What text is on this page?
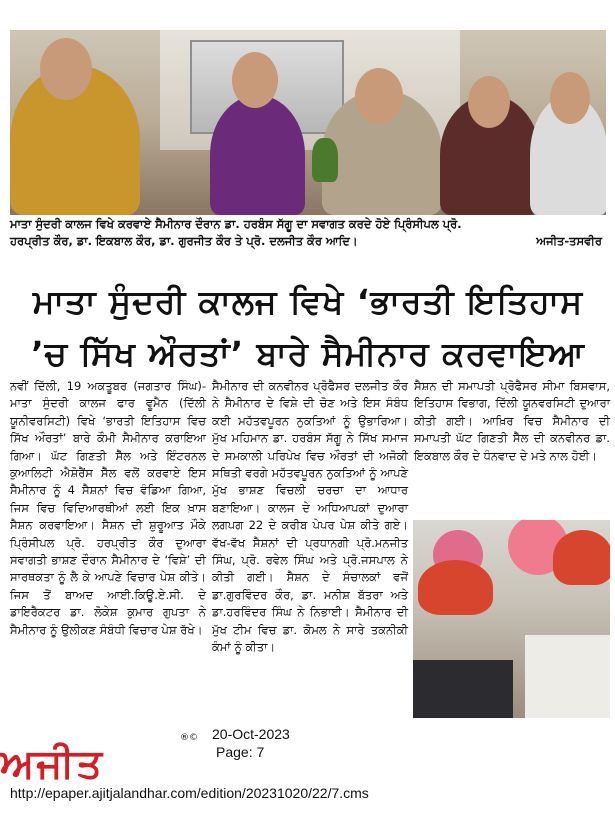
ਮਾਤਾ ਸੁੰਦਰੀ ਕਾਲਜ ਵਿਖੇ ਕਰਵਾਏ ਸੈਮੀਨਾਰ ਦੌਰਾਨ ਡਾ. ਹਰਬੰਸ ਸੱਗੂ ਦਾ ਸਵਾਗਤ ਕਰਦੇ ਹੋਏ ਪ੍ਰਿੰਸੀਪਲ ਪ੍ਰੋ.
ਹਰਪ੍ਰੀਤ ਕੌਰ, ਡਾ. ਇਕਬਾਲ ਕੌਰ, ਡਾ. ਗੁਰਜੀਤ ਕੌਰ ਤੇ ਪ੍ਰੋ. ਦਲਜੀਤ ਕੌਰ ਆਦਿ।	ਅਜੀਤ-ਤਸਵੀਰ
ਮਾਤਾ ਸੁੰਦਰੀ ਕਾਲਜ ਵਿਖੇ ‘ਭਾਰਤੀ ਇਤਿਹਾਸ
’ਚ ਸਿੱਖ ਔਰਤਾਂ’ ਬਾਰੇ ਸੈਮੀਨਾਰ ਕਰਵਾਇਆ
ਨਵੀਂ ਦਿੱਲੀ, 19 ਅਕਤੂਬਰ (ਜਗਤਾਰ ਸਿੰਘ)-ਮਾਤਾ ਸੁੰਦਰੀ ਕਾਲਜ ਫਾਰ ਵੂਮੈਨ (ਦਿੱਲੀ ਯੂਨੀਵਰਸਿਟੀ) ਵਿਖੇ ‘ਭਾਰਤੀ ਇਤਿਹਾਸ ਵਿਚ ਸਿੱਖ ਔਰਤਾਂ’ ਬਾਰੇ ਕੌਮੀ ਸੈਮੀਨਾਰ ਕਰਾਇਆ ਗਿਆ। ਘੱਟ ਗਿਣਤੀ ਸੈੱਲ ਅਤੇ ਇੰਟਰਨਲ ਕੁਆਲਿਟੀ ਐਸ਼ੋਰੈਂਸ ਸੈੱਲ ਵਲੋਂ ਕਰਵਾਏ ਇਸ ਸੈਮੀਨਾਰ ਨੂੰ 4 ਸੈਸ਼ਨਾਂ ਵਿਚ ਵੰਡਿਆ ਗਿਆ, ਜਿਸ ਵਿਚ ਵਿਦਿਆਰਥੀਆਂ ਲਈ ਇਕ ਖ਼ਾਸ ਸੈਸ਼ਨ ਕਰਵਾਇਆ। ਸੈਸ਼ਨ ਦੀ ਸ਼ੁਰੂਆਤ ਮੌਕੇ ਪ੍ਰਿੰਸੀਪਲ ਪ੍ਰੋ. ਹਰਪ੍ਰੀਤ ਕੌਰ ਦੁਆਰਾ ਸਵਾਗਤੀ ਭਾਸ਼ਣ ਦੌਰਾਨ ਸੈਮੀਨਾਰ ਦੇ ‘ਵਿਸ਼ੇ’ ਦੀ ਸਾਰਥਕਤਾ ਨੂੰ ਲੈ ਕੇ ਆਪਣੇ ਵਿਚਾਰ ਪੇਸ਼ ਕੀਤੇ। ਜਿਸ ਤੋਂ ਬਾਅਦ ਆਈ.ਕਿਊ.ਏ.ਸੀ. ਦੇ ਡਾਇਰੈਕਟਰ ਡਾ. ਲੋਕੇਸ਼ ਕੁਮਾਰ ਗੁਪਤਾ ਨੇ ਸੈਮੀਨਾਰ ਨੂੰ ਉਲੀਕਣ ਸੰਬੰਧੀ ਵਿਚਾਰ ਪੇਸ਼ ਰੱਖੇ।
ਸੈਮੀਨਾਰ ਦੀ ਕਨਵੀਨਰ ਪ੍ਰੋਫੈਸਰ ਦਲਜੀਤ ਕੌਰ ਨੇ ਸੈਮੀਨਾਰ ਦੇ ਵਿਸ਼ੇ ਦੀ ਚੋਣ ਅਤੇ ਇਸ ਸੰਬੰਧ ਕਈ ਮਹੱਤਵਪੂਰਨ ਨੁਕਤਿਆਂ ਨੂੰ ਉਭਾਰਿਆ। ਮੁੱਖ ਮਹਿਮਾਨ ਡਾ. ਹਰਬੰਸ ਸੱਗੂ ਨੇ ਸਿੱਖ ਸਮਾਜ ਦੇ ਸਮਕਾਲੀ ਪਰਿਪੇਖ ਵਿਚ ਔਰਤਾਂ ਦੀ ਅਜੋਕੀ ਸਥਿਤੀ ਵਰਗੇ ਮਹੱਤਵਪੂਰਨ ਨੁਕਤਿਆਂ ਨੂੰ ਆਪਣੇ ਮੁੱਖ ਭਾਸ਼ਣ ਵਿਚਲੀ ਚਰਚਾ ਦਾ ਆਧਾਰ ਬਣਾਇਆ। ਕਾਲਜ ਦੇ ਅਧਿਆਪਕਾਂ ਦੁਆਰਾ ਲਗਪਗ 22 ਦੇ ਕਰੀਬ ਪੇਪਰ ਪੇਸ਼ ਕੀਤੇ ਗਏ। ਵੱਖ-ਵੱਖ ਸੈਸ਼ਨਾਂ ਦੀ ਪ੍ਰਧਾਨਗੀ ਪ੍ਰੋ.ਮਨਜੀਤ ਸਿੰਘ, ਪ੍ਰੋ. ਰਵੇਲ ਸਿੰਘ ਅਤੇ ਪ੍ਰੋ.ਜਸਪਾਲ ਨੇ ਕੀਤੀ ਗਈ। ਸੈਸ਼ਨ ਦੇ ਸੰਚਾਲਕਾਂ ਵਜੋਂ ਡਾ.ਗੁਰਵਿੰਦਰ ਕੌਰ, ਡਾ. ਮਨੀਸ਼ ਬੱਤਰਾ ਅਤੇ ਡਾ.ਹਰਵਿੰਦਰ ਸਿੰਘ ਨੇ ਨਿਭਾਈ। ਸੈਮੀਨਾਰ ਦੀ ਮੁੱਖ ਟੀਮ ਵਿਚ ਡਾ. ਕੋਮਲ ਨੇ ਸਾਰੇ ਤਕਨੀਕੀ ਕੰਮਾਂ ਨੂੰ ਕੀਤਾ।
ਸੈਸ਼ਨ ਦੀ ਸਮਾਪਤੀ ਪ੍ਰੋਫੈਸਰ ਸੀਮਾ ਬਿਸਵਾਸ, ਇਤਿਹਾਸ ਵਿਭਾਗ, ਦਿੱਲੀ ਯੂਨਵਰਸਿਟੀ ਦੁਆਰਾ ਕੀਤੀ ਗਈ। ਆਖ਼ਿਰ ਵਿਚ ਸੈਮੀਨਾਰ ਦੀ ਸਮਾਪਤੀ ਘੱਟ ਗਿਣਤੀ ਸੈੱਲ ਦੀ ਕਨਵੀਨਰ ਡਾ. ਇਕਬਾਲ ਕੌਰ ਦੇ ਧੰਨਵਾਦ ਦੇ ਮਤੇ ਨਾਲ ਹੋਈ।
ਅਜੀਤ
®© 20-Oct-2023
Page: 7
http://epaper.ajitjalandhar.com/edition/20231020/22/7.cms
